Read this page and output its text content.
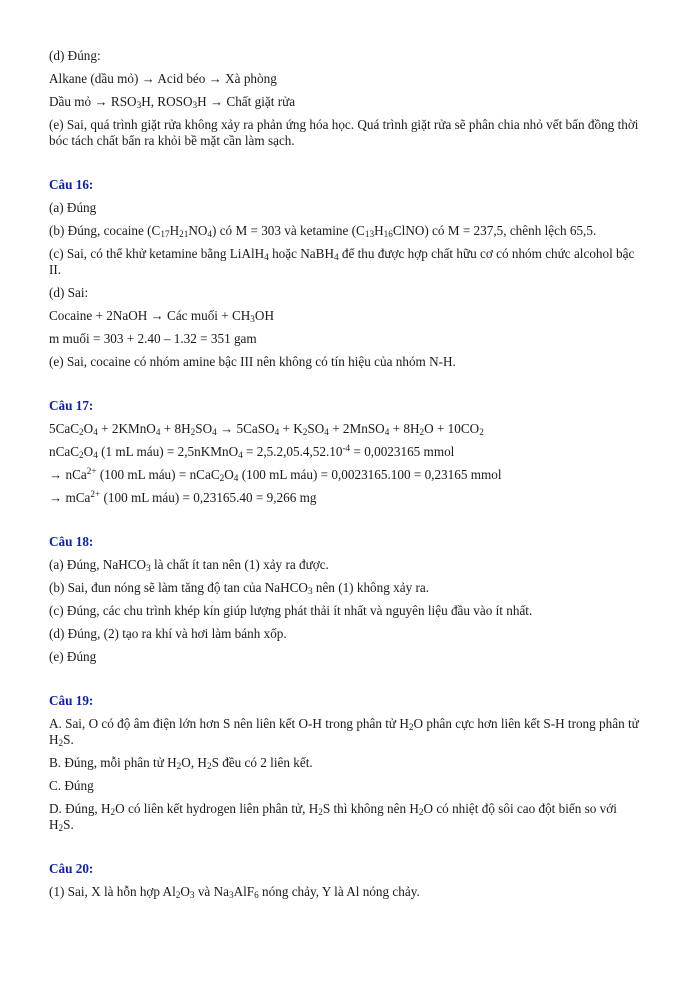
(d) Đúng:

Alkane (dầu mỏ) → Acid béo → Xà phòng

Dầu mỏ → $RSO_3H$, $ROSO_3H$ → Chất giặt rửa

(e) Sai, quá trình giặt rửa không xảy ra phản ứng hóa học. Quá trình giặt rửa sẽ phân chia nhỏ vết bẩn đồng thời bóc tách chất bẩn ra khỏi bề mặt cần làm sạch.

Câu 16:

(a) Đúng

(b) Đúng, cocaine $(C_{17}H_{21}NO_4)$ có M = 303 và ketamine $(C_{13}H_{16}ClNO)$ có M = 237,5, chênh lệch 65,5.

(c) Sai, có thể khử ketamine bằng LiAlH$_4$ hoặc NaBH$_4$ để thu được hợp chất hữu cơ có nhóm chức alcohol bậc II.

(d) Sai:

Cocaine + 2NaOH → Các muối + $CH_3OH$

m muối = 303 + 2.40 – 1.32 = 351 gam

(e) Sai, cocaine có nhóm amine bậc III nên không có tín hiệu của nhóm N-H.

Câu 17:

$5CaC_2O_4$ + 2KMnO$_4$ + $8H_2SO_4$ → 5CaSO$_4$ + $K_2SO_4$ + 2MnSO$_4$ + $8H_2O + 10CO_2$

$nCaC_2O_4$ (1 mL máu) = 2,5nKMnO$_4$ = $2,5.2,05.4,52.10^{-4} = 0,0023165$ mmol

→ nCa$^{2+}$ (100 mL máu) = $nCaC_2O_4$ (100 mL máu) = 0,0023165.100 = 0,23165 mmol

→ mCa$^{2+}$ (100 mL máu) = 0,23165.40 = 9,266 mg

Câu 18:

(a) Đúng, NaHCO$_3$ là chất ít tan nên (1) xảy ra được.

(b) Sai, đun nóng sẽ làm tăng độ tan của NaHCO$_3$ nên (1) không xảy ra.

(c) Đúng, các chu trình khép kín giúp lượng phát thải ít nhất và nguyên liệu đầu vào ít nhất.

(d) Đúng, (2) tạo ra khí và hơi làm bánh xốp.

(e) Đúng

Câu 19:

A. Sai, O có độ âm điện lớn hơn S nên liên kết O-H trong phân tử $H_2O$ phân cực hơn liên kết S-H trong phân tử $H_2S$.

B. Đúng, mỗi phân tử $H_2O$, $H_2S$ đều có 2 liên kết.

C. Đúng

D. Đúng, $H_2O$ có liên kết hydrogen liên phân tử, $H_2S$ thì không nên $H_2O$ có nhiệt độ sôi cao đột biến so với $H_2S$.

Câu 20:

(1) Sai, X là hỗn hợp $Al_2O_3$ và $Na_3AlF_6$ nóng chảy, Y là Al nóng chảy.
